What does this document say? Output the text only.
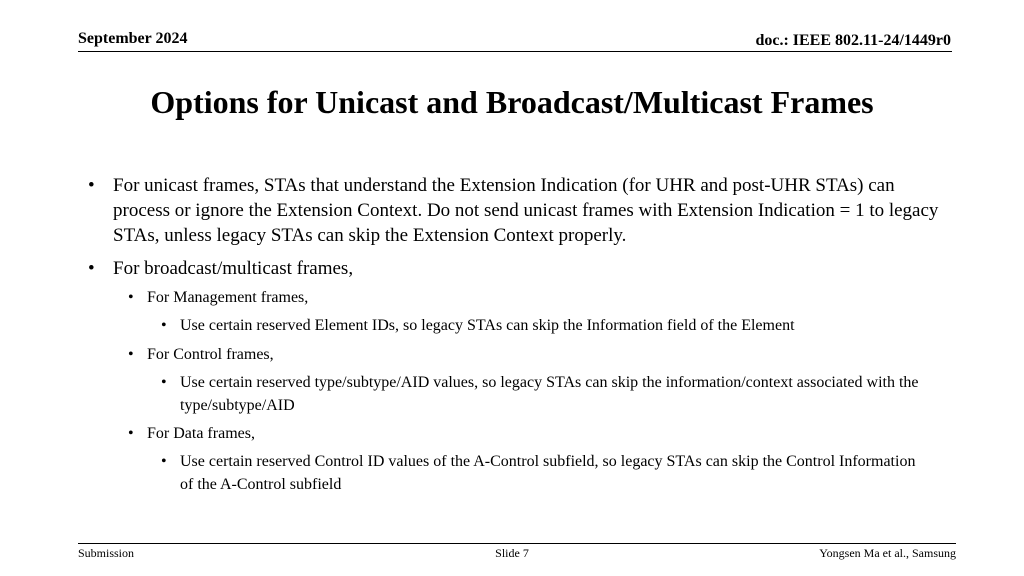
September 2024	doc.: IEEE 802.11-24/1449r0
Options for Unicast and Broadcast/Multicast Frames
• For unicast frames, STAs that understand the Extension Indication (for UHR and post-UHR STAs) can process or ignore the Extension Context. Do not send unicast frames with Extension Indication = 1 to legacy STAs, unless legacy STAs can skip the Extension Context properly.
• For broadcast/multicast frames,
• For Management frames,
• Use certain reserved Element IDs, so legacy STAs can skip the Information field of the Element
• For Control frames,
• Use certain reserved type/subtype/AID values, so legacy STAs can skip the information/context associated with the type/subtype/AID
• For Data frames,
• Use certain reserved Control ID values of the A-Control subfield, so legacy STAs can skip the Control Information of the A-Control subfield
Submission	Slide 7	Yongsen Ma et al., Samsung
